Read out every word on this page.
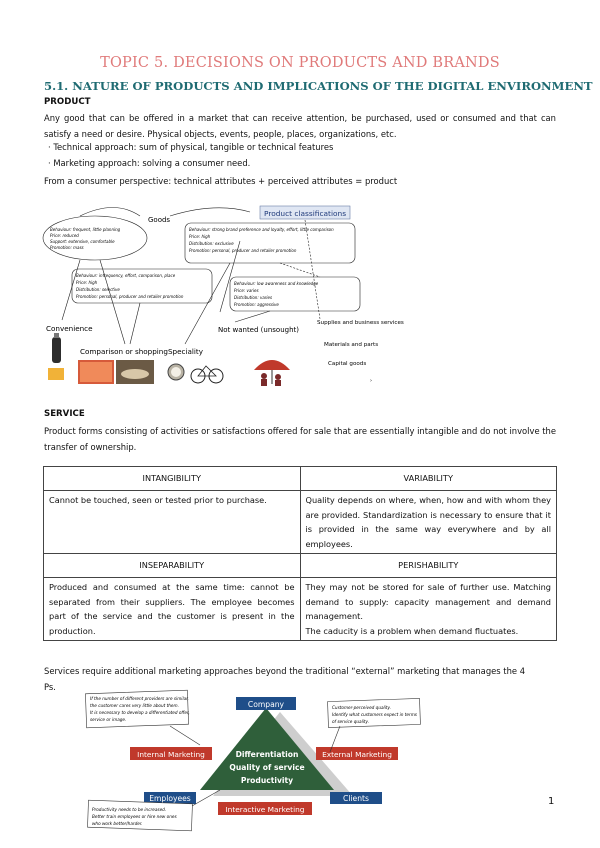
TOPIC 5. DECISIONS ON PRODUCTS AND BRANDS
5.1. NATURE OF PRODUCTS AND IMPLICATIONS OF THE DIGITAL ENVIRONMENT
PRODUCT
Any good that can be offered in a market that can receive attention, be purchased, used or consumed and that can satisfy a need or desire. Physical objects, events, people, places, organizations, etc.
· Technical approach: sum of physical, tangible or technical features
· Marketing approach: solving a consumer need.
From a consumer perspective: technical attributes + perceived attributes = product
Product classifications
Goods
Behaviour: frequent, little planning
Price: reduced
Support: extensive, comfortable
Promotion: mass
Behaviour: strong brand preference and loyalty, effort, little comparison
Price: high
Distribution: exclusive
Promotion: personal, producer and retailer promotion
Behaviour: infrequency, effort, comparison, place
Price: high
Distribution: selective
Promotion: personal, producer and retailer promotion
Behaviour: low awareness and knowledge
Price: varies
Distribution: varies
Promotion: aggressive
Convenience
Comparison or shopping Speciality
Not wanted (unsought)
Supplies and business services
Materials and parts
Capital goods
›
SERVICE
Product forms consisting of activities or satisfactions offered for sale that are essentially intangible and do not involve the transfer of ownership.
INTANGIBILITY	VARIABILITY
Cannot be touched, seen or tested prior to purchase.	Quality depends on where, when, how and with whom they are provided. Standardization is necessary to ensure that it is provided in the same way everywhere and by all employees.
INSEPARABILITY	PERISHABILITY
Produced and consumed at the same time: cannot be separated from their suppliers. The employee becomes part of the service and the customer is present in the production.	They may not be stored for sale of further use. Matching demand to supply: capacity management and demand management.
The caducity is a problem when demand fluctuates.
Services require additional marketing approaches beyond the traditional “external” marketing that manages the 4
Ps.
Differentiation
Quality of service
Productivity
Company
Employees	Clients
Internal Marketing	External Marketing
Interactive Marketing
If the number of different providers are similar,
the customer cares very little about them.
It is necessary to develop a differentiated offer,
service or image.
Customer-perceived quality.
Identify what customers expect in terms
of service quality.
Productivity needs to be increased.
Better train employees or hire new ones
who work better/harder.
1
